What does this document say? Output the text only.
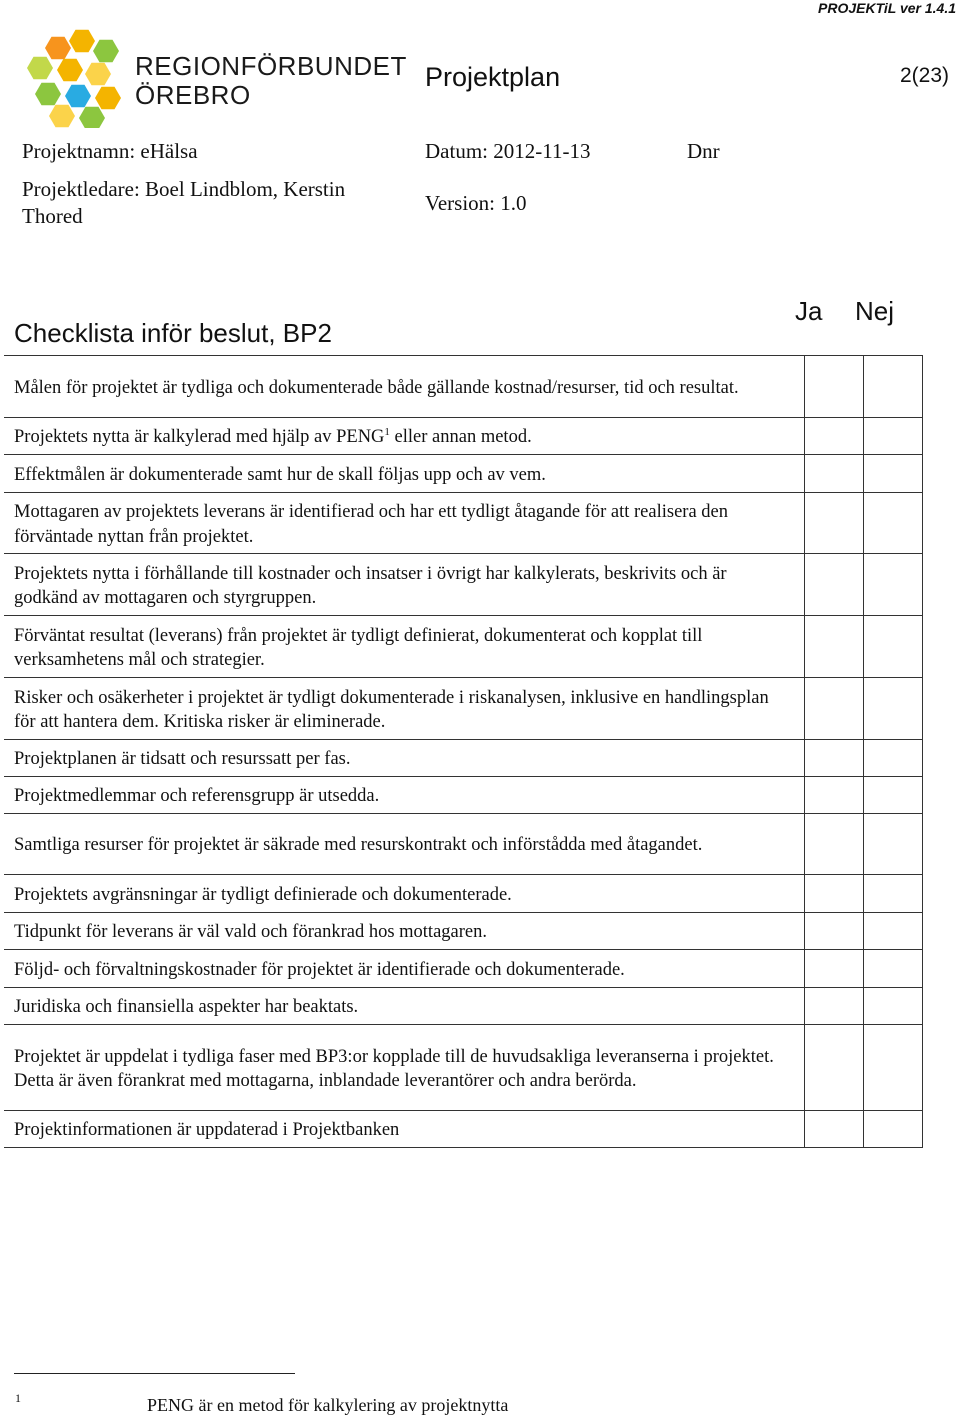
PROJEKTiL ver 1.4.1
REGIONFÖRBUNDET
ÖREBRO
Projektplan	2(23)
Projektnamn: eHälsa	Datum: 2012-11-13	Dnr
Projektledare: Boel Lindblom, Kerstin Thored
Version: 1.0
Checklista inför beslut, BP2
Ja Nej
Målen för projektet är tydliga och dokumenterade både gällande kostnad/resurser, tid och resultat.		
Projektets nytta är kalkylerad med hjälp av PENG$^1$ eller annan metod.		
Effektmålen är dokumenterade samt hur de skall följas upp och av vem.		
Mottagaren av projektets leverans är identifierad och har ett tydligt åtagande för att realisera den förväntade nyttan från projektet.		
Projektets nytta i förhållande till kostnader och insatser i övrigt har kalkylerats, beskrivits och är godkänd av mottagaren och styrgruppen.		
Förväntat resultat (leverans) från projektet är tydligt definierat, dokumenterat och kopplat till verksamhetens mål och strategier.		
Risker och osäkerheter i projektet är tydligt dokumenterade i riskanalysen, inklusive en handlingsplan för att hantera dem. Kritiska risker är eliminerade.		
Projektplanen är tidsatt och resurssatt per fas.		
Projektmedlemmar och referensgrupp är utsedda.		
Samtliga resurser för projektet är säkrade med resurskontrakt och införstådda med åtagandet.		
Projektets avgränsningar är tydligt definierade och dokumenterade.		
Tidpunkt för leverans är väl vald och förankrad hos mottagaren.		
Följd- och förvaltningskostnader för projektet är identifierade och dokumenterade.		
Juridiska och finansiella aspekter har beaktats.		
Projektet är uppdelat i tydliga faser med BP3:or kopplade till de huvudsakliga leveranserna i projektet. Detta är även förankrat med mottagarna, inblandade leverantörer och andra berörda.		
Projektinformationen är uppdaterad i Projektbanken		
1	PENG är en metod för kalkylering av projektnytta
